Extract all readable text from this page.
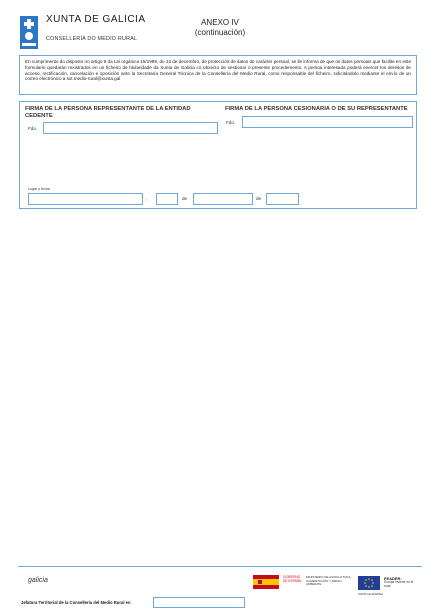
XUNTA DE GALICIA
CONSELLERÍA DO MEDIO RURAL
ANEXO IV
(continuación)
En cumprimento do disposto no artigo 5 da Lei orgánica 15/1999, do 13 de decembro, de protección de datos de carácter persoal, se lle informa de que os datos persoais que facilite en este formulario quedarán rexistrados en un ficheiro de titularidade da Xunta de Galicia co obxecto de xestionar o presente procedemento. A persoa interesada poderá exercer los dereitos de acceso, rectificación, cancelación e oposición ante la Secretaría General Técnica de la Consellería del Medio Rural, como responsable del ficheiro, solicitándolo mediante el envío de un correo electrónico a sxt.medio-rural@xunta.gal
FIRMA DE LA PERSONA REPRESENTANTE DE LA ENTIDAD CEDENTE
FIRMA DE LA PERSONA CESIONARIA O DE SU REPRESENTANTE
Fdo.
Fdo.
Lugar y fecha
,	de	de
galicia	GOBIERNO DE ESPAÑA
MINISTERIO DE AGRICULTURA, ALIMENTACIÓN Y MEDIO AMBIENTE
FEADER:
Europa invierte en el rural
UNIÓN EUROPEA
Jefatura Territorial de la Consellería del Medio Rural en
